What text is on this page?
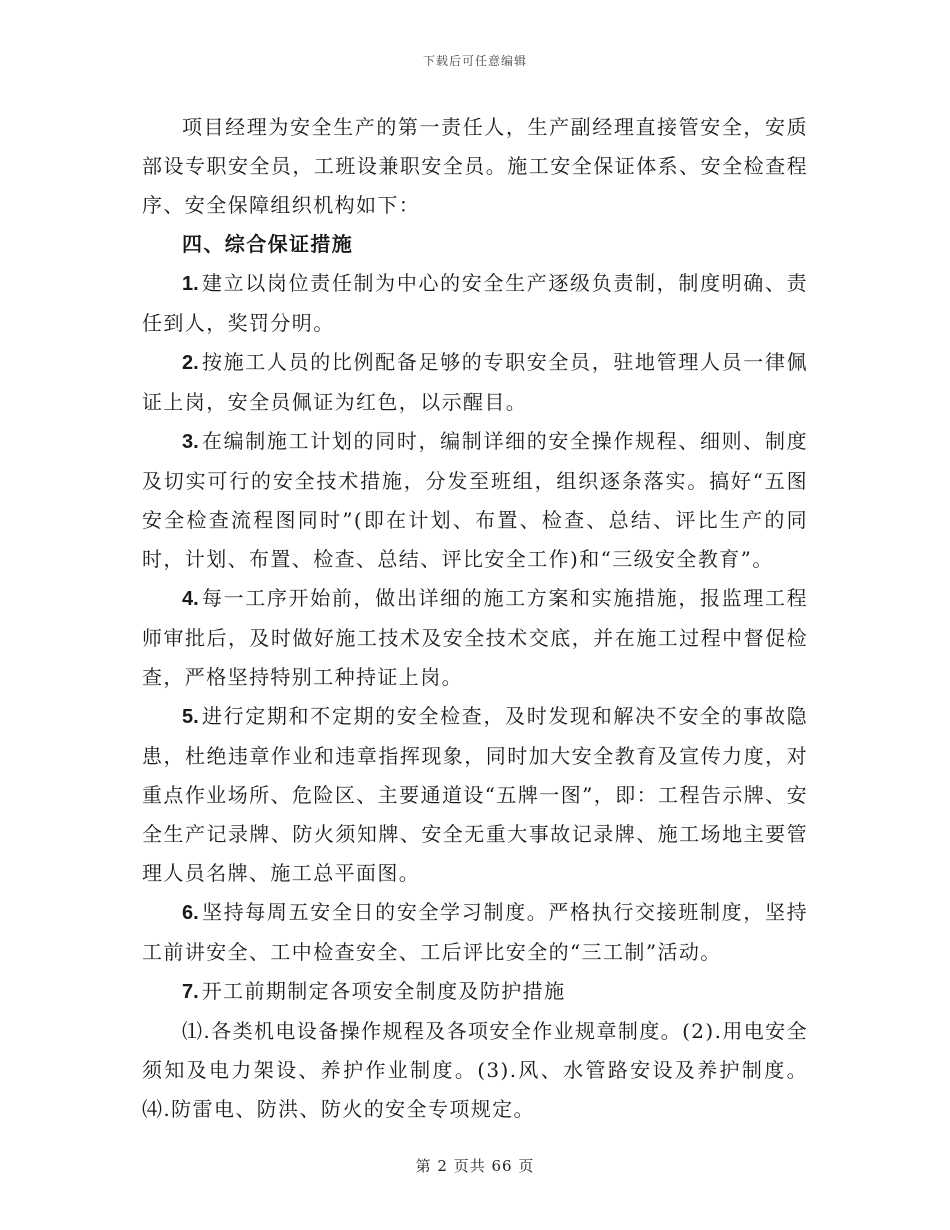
下载后可任意编辑

项目经理为安全生产的第一责任人，生产副经理直接管安全，安质部设专职安全员，工班设兼职安全员。施工安全保证体系、安全检查程序、安全保障组织机构如下：

四、综合保证措施

1. 建立以岗位责任制为中心的安全生产逐级负责制，制度明确、责任到人，奖罚分明。

2. 按施工人员的比例配备足够的专职安全员，驻地管理人员一律佩证上岗，安全员佩证为红色，以示醒目。

3. 在编制施工计划的同时，编制详细的安全操作规程、细则、制度及切实可行的安全技术措施，分发至班组，组织逐条落实。搞好“五图安全检查流程图同时”(即在计划、布置、检查、总结、评比生产的同时，计划、布置、检查、总结、评比安全工作)和“三级安全教育”。

4. 每一工序开始前，做出详细的施工方案和实施措施，报监理工程师审批后，及时做好施工技术及安全技术交底，并在施工过程中督促检查，严格坚持特别工种持证上岗。

5. 进行定期和不定期的安全检查，及时发现和解决不安全的事故隐患，杜绝违章作业和违章指挥现象，同时加大安全教育及宣传力度，对重点作业场所、危险区、主要通道设“五牌一图”，即：工程告示牌、安全生产记录牌、防火须知牌、安全无重大事故记录牌、施工场地主要管理人员名牌、施工总平面图。

6. 坚持每周五安全日的安全学习制度。严格执行交接班制度，坚持工前讲安全、工中检查安全、工后评比安全的“三工制”活动。

7. 开工前期制定各项安全制度及防护措施

⑴.各类机电设备操作规程及各项安全作业规章制度。(2).用电安全须知及电力架设、养护作业制度。(3).风、水管路安设及养护制度。⑷.防雷电、防洪、防火的安全专项规定。

第 2 页共 66 页
